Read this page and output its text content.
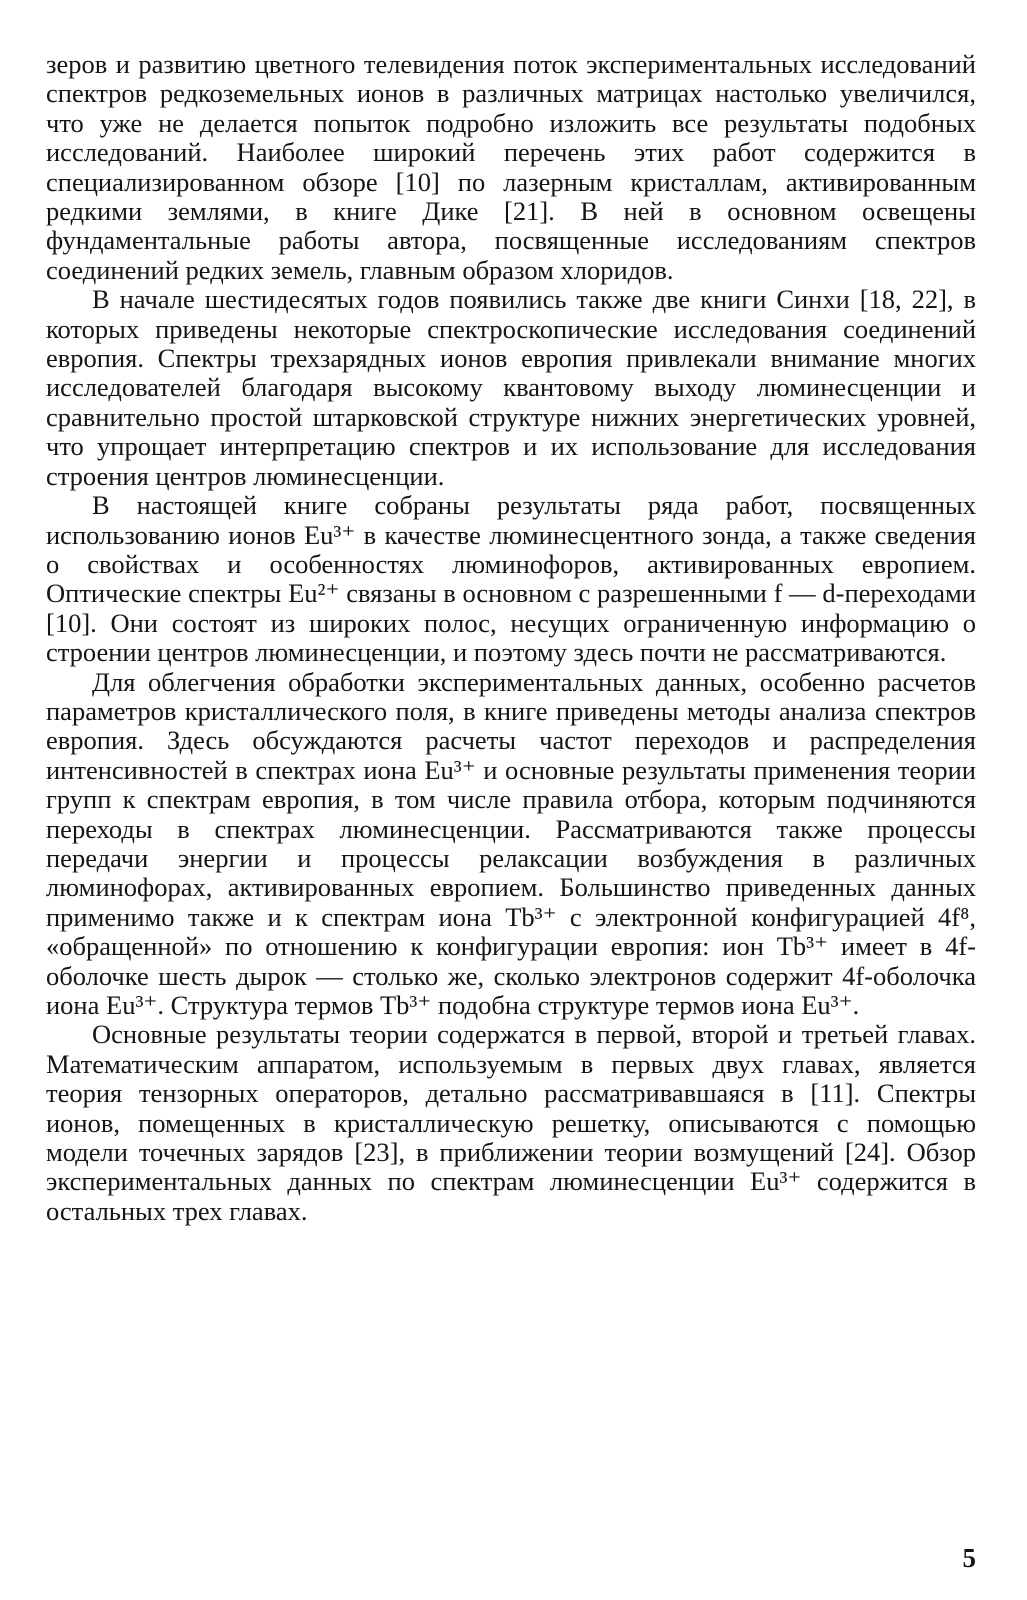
зеров и развитию цветного телевидения поток экспериментальных исследований спектров редкоземельных ионов в различных матрицах настолько увеличился, что уже не делается попыток подробно изложить все результаты подобных исследований. Наиболее широкий перечень этих работ содержится в специализированном обзоре [10] по лазерным кристаллам, активированным редкими землями, в книге Дике [21]. В ней в основном освещены фундаментальные работы автора, посвященные исследованиям спектров соединений редких земель, главным образом хлоридов.

В начале шестидесятых годов появились также две книги Синхи [18, 22], в которых приведены некоторые спектроскопические исследования соединений европия. Спектры трехзарядных ионов европия привлекали внимание многих исследователей благодаря высокому квантовому выходу люминесценции и сравнительно простой штарковской структуре нижних энергетических уровней, что упрощает интерпретацию спектров и их использование для исследования строения центров люминесценции.

В настоящей книге собраны результаты ряда работ, посвященных использованию ионов Eu³⁺ в качестве люминесцентного зонда, а также сведения о свойствах и особенностях люминофоров, активированных европием. Оптические спектры Eu²⁺ связаны в основном с разрешенными f — d-переходами [10]. Они состоят из широких полос, несущих ограниченную информацию о строении центров люминесценции, и поэтому здесь почти не рассматриваются.

Для облегчения обработки экспериментальных данных, особенно расчетов параметров кристаллического поля, в книге приведены методы анализа спектров европия. Здесь обсуждаются расчеты частот переходов и распределения интенсивностей в спектрах иона Eu³⁺ и основные результаты применения теории групп к спектрам европия, в том числе правила отбора, которым подчиняются переходы в спектрах люминесценции. Рассматриваются также процессы передачи энергии и процессы релаксации возбуждения в различных люминофорах, активированных европием. Большинство приведенных данных применимо также и к спектрам иона Tb³⁺ с электронной конфигурацией 4f⁸, «обращенной» по отношению к конфигурации европия: ион Tb³⁺ имеет в 4f-оболочке шесть дырок — столько же, сколько электронов содержит 4f-оболочка иона Eu³⁺. Структура термов Tb³⁺ подобна структуре термов иона Eu³⁺.

Основные результаты теории содержатся в первой, второй и третьей главах. Математическим аппаратом, используемым в первых двух главах, является теория тензорных операторов, детально рассматривавшаяся в [11]. Спектры ионов, помещенных в кристаллическую решетку, описываются с помощью модели точечных зарядов [23], в приближении теории возмущений [24]. Обзор экспериментальных данных по спектрам люминесценции Eu³⁺ содержится в остальных трех главах.

5
